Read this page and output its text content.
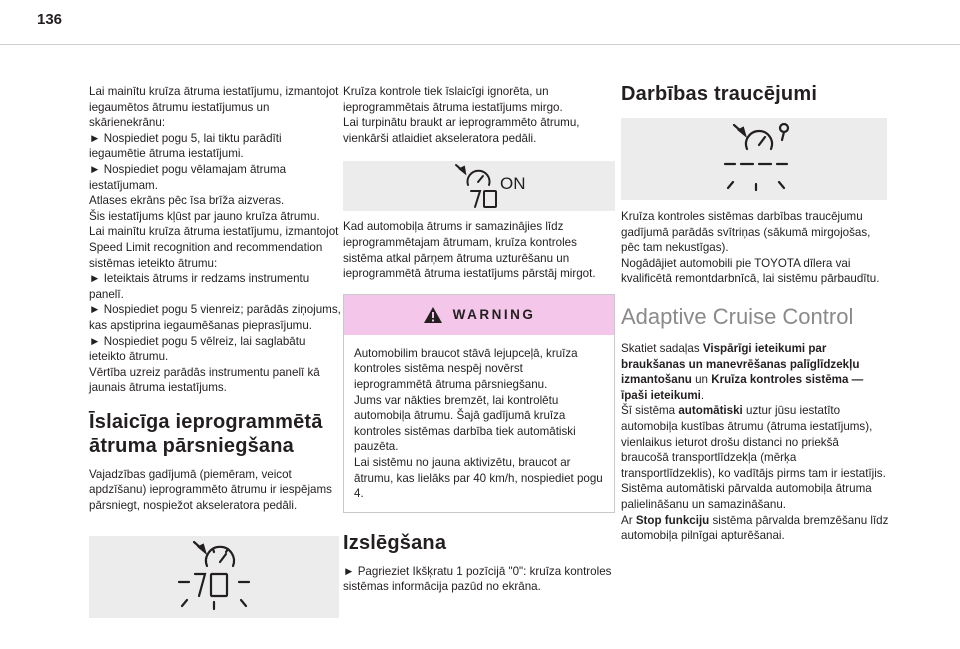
136

Lai mainītu kruīza ātruma iestatījumu, izmantojot iegaumētos ātrumu iestatījumus un skārienekrānu:

► Nospiediet pogu 5, lai tiktu parādīti iegaumētie ātruma iestatījumi.
► Nospiediet pogu vēlamajam ātruma iestatījumam.
Atlases ekrāns pēc īsa brīža aizveras.
Šis iestatījums kļūst par jauno kruīza ātrumu.
Lai mainītu kruīza ātruma iestatījumu, izmantojot Speed Limit recognition and recommendation sistēmas ieteikto ātrumu:

► Ieteiktais ātrums ir redzams instrumentu panelī.
► Nospiediet pogu 5 vienreiz; parādās ziņojums, kas apstiprina iegaumēšanas pieprasījumu.
► Nospiediet pogu 5 vēlreiz, lai saglabātu ieteikto ātrumu.
Vērtība uzreiz parādās instrumentu panelī kā jaunais ātruma iestatījums.

Īslaicīga ieprogrammētā ātruma pārsniegšana

Vajadzības gadījumā (piemēram, veicot apdzīšanu) ieprogrammēto ātrumu ir iespējams pārsniegt, nospiežot akseleratora pedāli.

Kruīza kontrole tiek īslaicīgi ignorēta, un ieprogrammētais ātruma iestatījums mirgo.
Lai turpinātu braukt ar ieprogrammēto ātrumu, vienkārši atlaidiet akseleratora pedāli.

ON

Kad automobiļa ātrums ir samazinājies līdz ieprogrammētajam ātrumam, kruīza kontroles sistēma atkal pārņem ātruma uzturēšanu un ieprogrammētā ātruma iestatījums pārstāj mirgot.

WARNING

Automobilim braucot stāvā lejupceļā, kruīza kontroles sistēma nespēj novērst ieprogrammētā ātruma pārsniegšanu.
Jums var nākties bremzēt, lai kontrolētu automobiļa ātrumu. Šajā gadījumā kruīza kontroles sistēmas darbība tiek automātiski pauzēta.
Lai sistēmu no jauna aktivizētu, braucot ar ātrumu, kas lielāks par 40 km/h, nospiediet pogu 4.

Izslēgšana

► Pagrieziet Ikšķratu 1 pozīcijā "0": kruīza kontroles sistēmas informācija pazūd no ekrāna.

Darbības traucējumi

Kruīza kontroles sistēmas darbības traucējumu gadījumā parādās svītriņas (sākumā mirgojošas, pēc tam nekustīgas).
Nogādājiet automobili pie TOYOTA dīlera vai kvalificētā remontdarbnīcā, lai sistēmu pārbaudītu.

Adaptive Cruise Control

Skatiet sadaļas Vispārīgi ieteikumi par braukšanas un manevrēšanas palīglīdzekļu izmantošanu un Kruīza kontroles sistēma — īpaši ieteikumi.

Šī sistēma automātiski uztur jūsu iestatīto automobiļa kustības ātrumu (ātruma iestatījums), vienlaikus ieturot drošu distanci no priekšā braucošā transportlīdzekļa (mērķa transportlīdzeklis), ko vadītājs pirms tam ir iestatījis. Sistēma automātiski pārvalda automobiļa ātruma palielināšanu un samazināšanu.

Ar Stop funkciju sistēma pārvalda bremzēšanu līdz automobiļa pilnīgai apturēšanai.
